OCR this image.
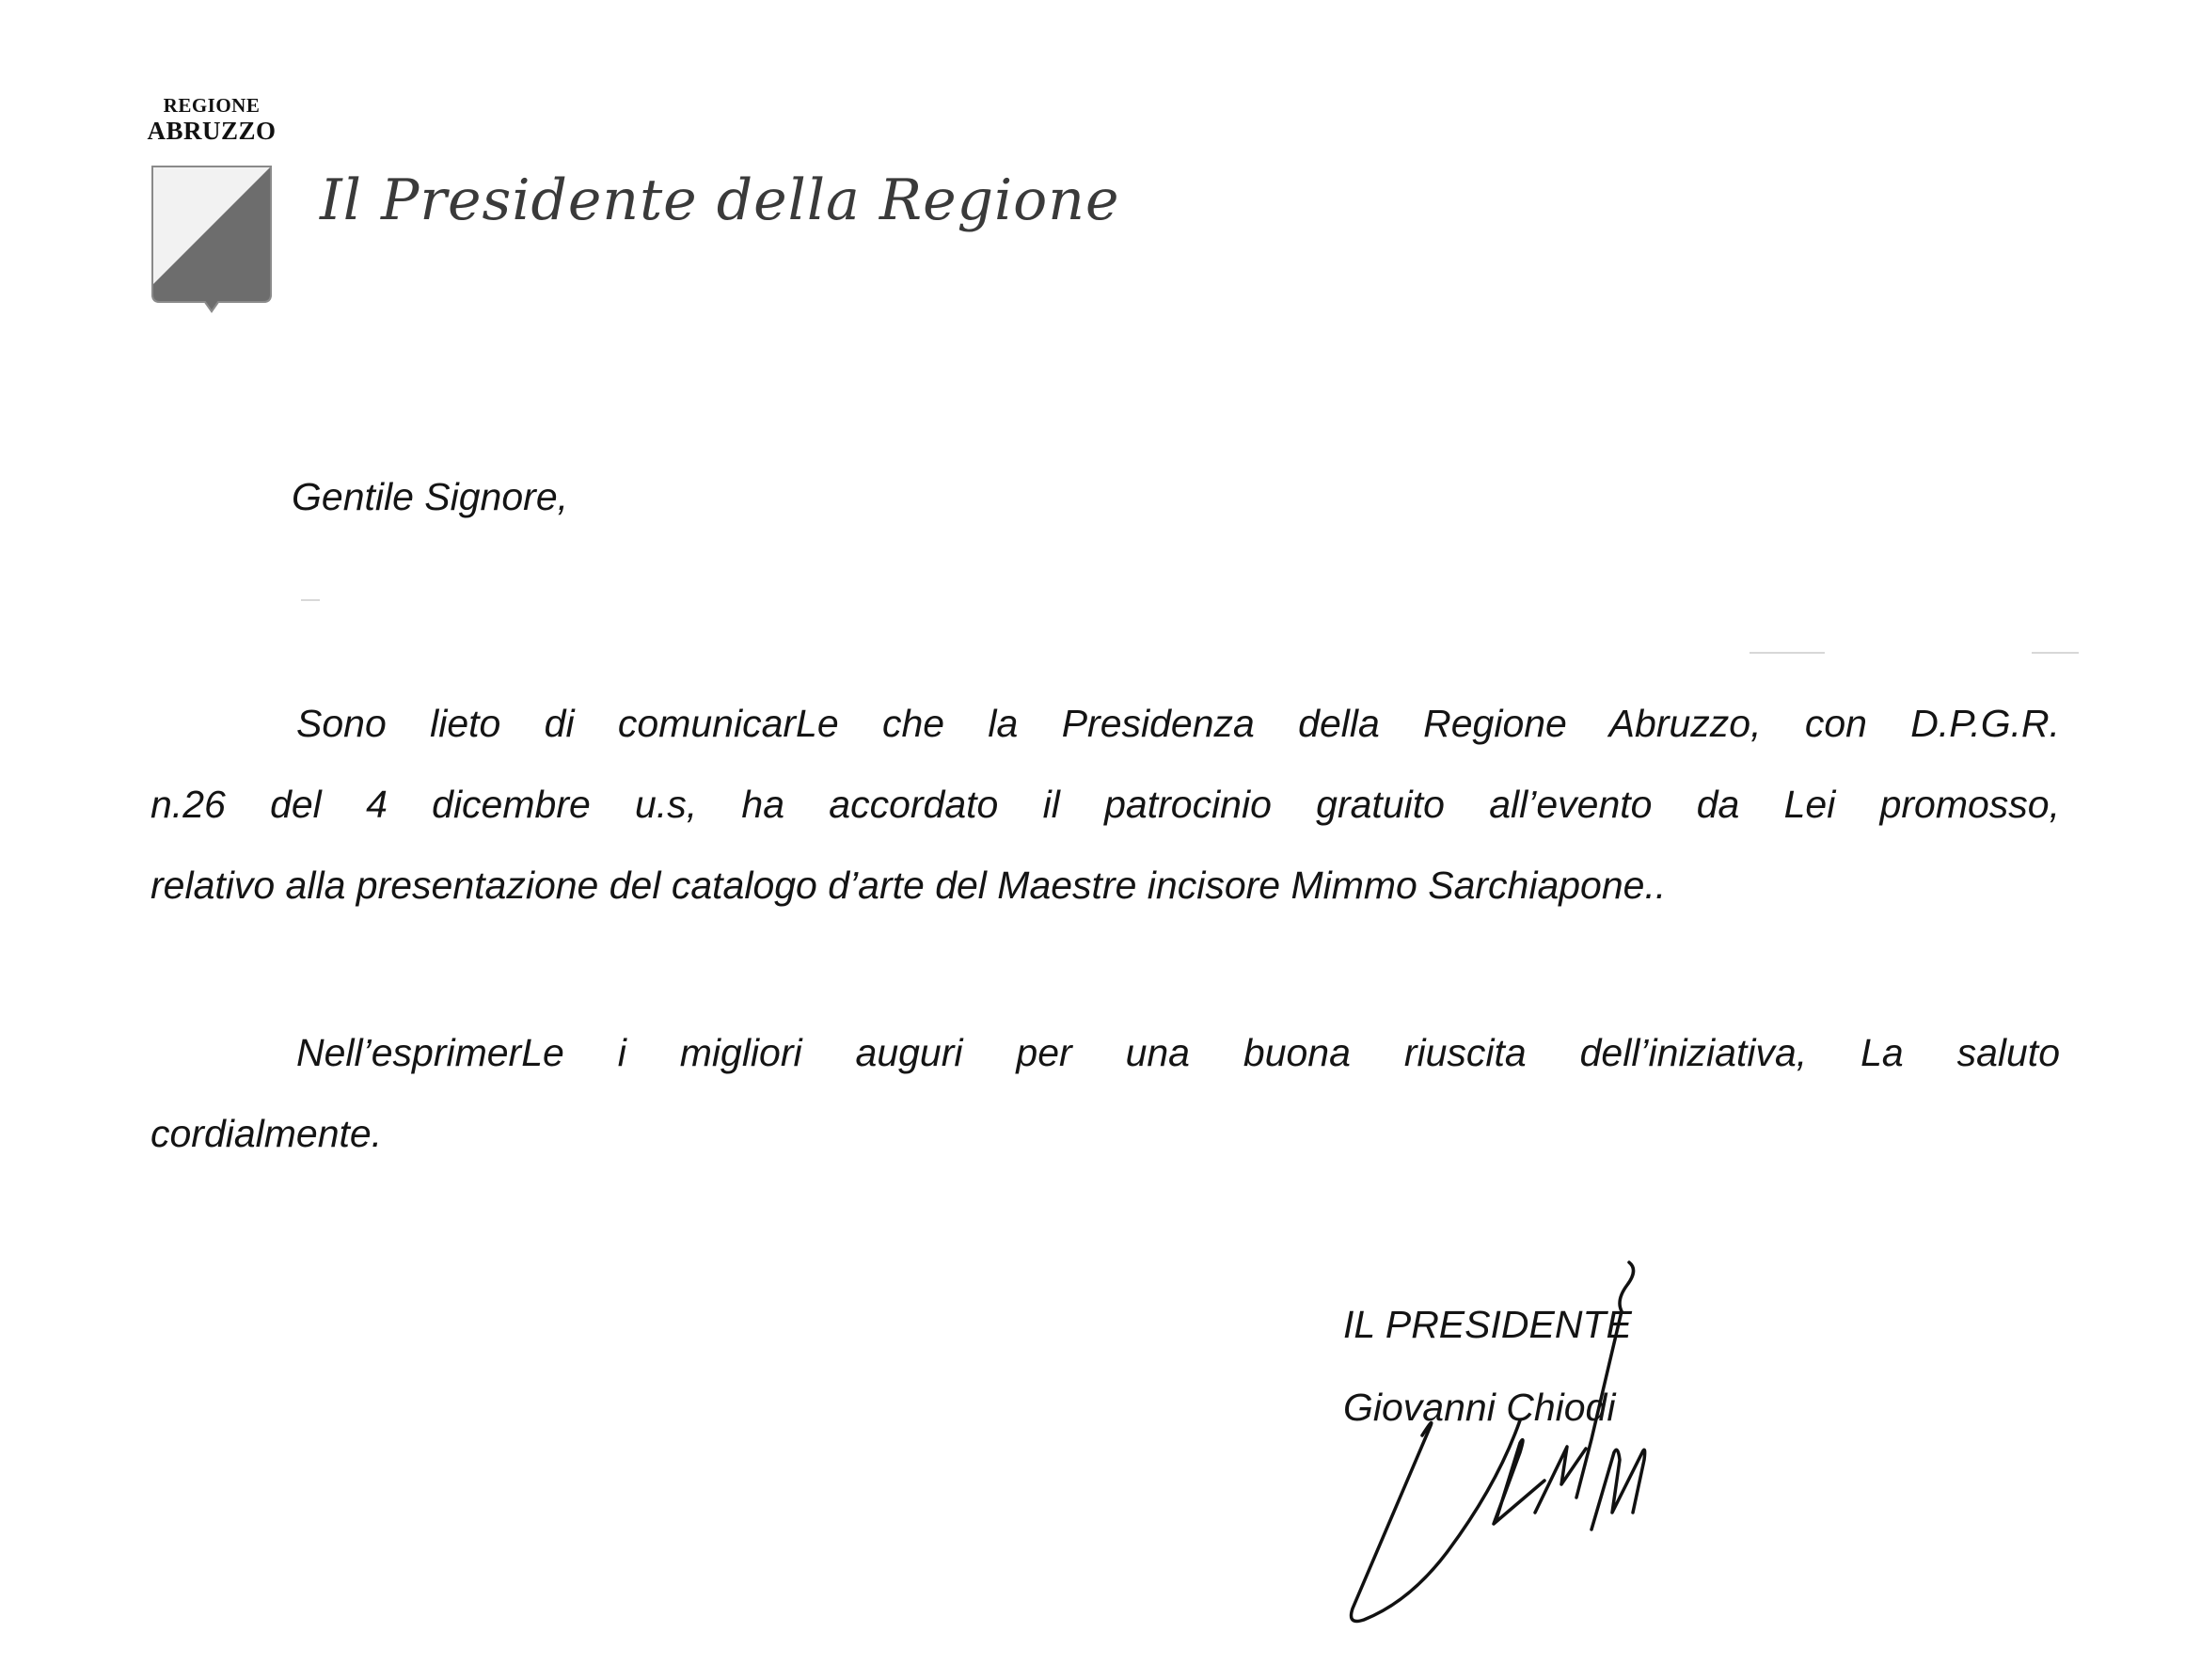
REGIONE
ABRUZZO
Il Presidente della Regione
Gentile Signore,
Sono lieto di comunicarLe che la Presidenza della Regione Abruzzo, con D.P.G.R.
n.26 del 4 dicembre u.s, ha accordato il patrocinio gratuito all’evento da Lei promosso,
relativo alla presentazione del catalogo d’arte del Maestre incisore Mimmo Sarchiapone..
Nell’esprimerLe i migliori auguri per una buona riuscita dell’iniziativa, La saluto
cordialmente.
IL PRESIDENTE
Giovanni Chiodi
